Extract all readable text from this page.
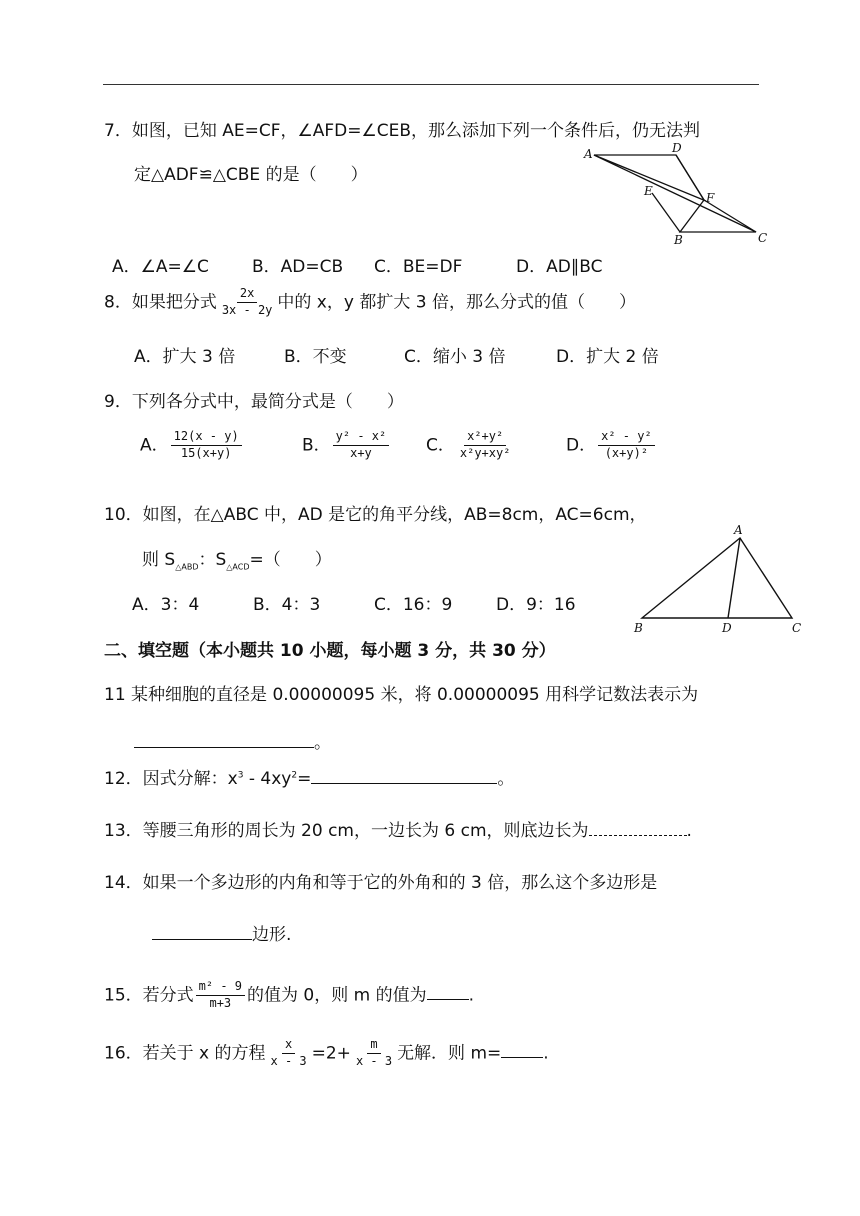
7．如图，已知 AE=CF，∠AFD=∠CEB，那么添加下列一个条件后，仍无法判
定△ADF≌△CBE 的是（　　）
A	D
E	F
B	C
A．∠A=∠C	B．AD=CB C．BE=DF	D．AD∥BC
8．如果把分式 $\frac{2x}{3x - 2y}$ 中的 x，y 都扩大 3 倍，那么分式的值（　　）
A．扩大 3 倍	B．不变	C．缩小 3 倍	D．扩大 2 倍
9．下列各分式中，最简分式是（　　）
A． $\frac{12(x - y)}{15(x+y)}$	B． $\frac{\text{y² - x²}}{x+y}$ C． $\frac{\text{x²+y²}}{\text{x²y+xy²}}$	D． $\frac{\text{x² - y²}}{\text{(x+y)²}}$
10．如图，在△ABC 中，AD 是它的角平分线，AB=8cm，AC=6cm，
则 $S_{\triangle ABD}$：$S_{\triangle ACD}=$（　　）
A．3：4	B．4：3	C．16：9	D．9：16
A
B	D	C
二、填空题（本小题共 10 小题，每小题 3 分，共 30 分）
11 某种细胞的直径是 0.00000095 米，将 0.00000095 用科学记数法表示为
。
12．因式分解：$x^3 - 4xy^2=$	。
13．等腰三角形的周长为 20 cm，一边长为 6 cm，则底边长为	.
14．如果一个多边形的内角和等于它的外角和的 3 倍，那么这个多边形是
边形.
15．若分式 $\frac{\text{m² - 9}}{m+3}$ 的值为 0，则 m 的值为 .
16．若关于 x 的方程 $\frac{x}{x - 3} =2+ \frac{m}{x - 3}$ 无解．则 m= .
